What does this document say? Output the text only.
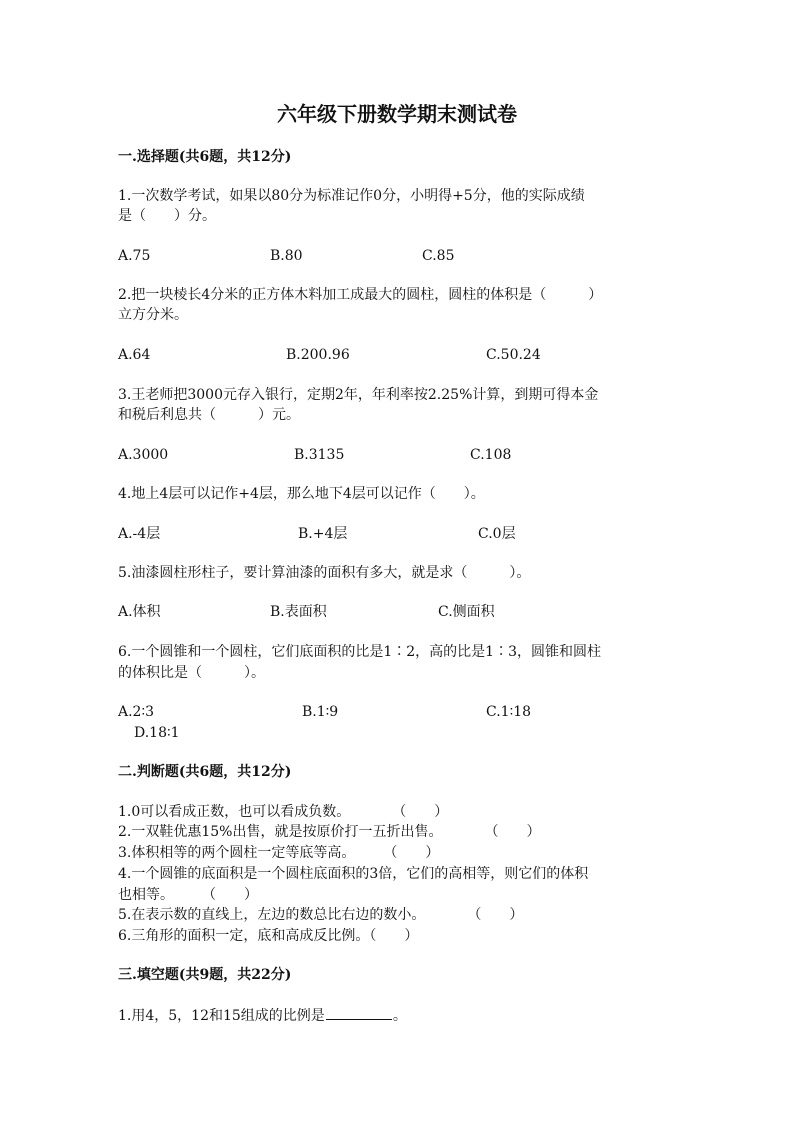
六年级下册数学期末测试卷
一.选择题(共6题，共12分)
1.一次数学考试，如果以80分为标准记作0分，小明得+5分，他的实际成绩
是（　　）分。
A.75	B.80	C.85
2.把一块棱长4分米的正方体木料加工成最大的圆柱，圆柱的体积是（　　　）
立方分米。
A.64	B.200.96	C.50.24
3.王老师把3000元存入银行，定期2年，年利率按2.25%计算，到期可得本金
和税后利息共（　　　）元。
A.3000	B.3135	C.108
4.地上4层可以记作+4层，那么地下4层可以记作（　　）。
A.-4层	B.+4层	C.0层
5.油漆圆柱形柱子，要计算油漆的面积有多大，就是求（　　　）。
A.体积	B.表面积	C.侧面积
6.一个圆锥和一个圆柱，它们底面积的比是1∶2，高的比是1∶3，圆锥和圆柱
的体积比是（　　　）。
A.2∶3	B.1∶9	C.1∶18
D.18∶1
二.判断题(共6题，共12分)
1.0可以看成正数，也可以看成负数。　　　　（　　）
2.一双鞋优惠15%出售，就是按原价打一五折出售。　　　　（　　）
3.体积相等的两个圆柱一定等底等高。　　　（　　）
4.一个圆锥的底面积是一个圆柱底面积的3倍，它们的高相等，则它们的体积
也相等。　　　（　　）
5.在表示数的直线上，左边的数总比右边的数小。　　　　（　　）
6.三角形的面积一定，底和高成反比例。（　　）
三.填空题(共9题，共22分)
1.用4，5，12和15组成的比例是	。
